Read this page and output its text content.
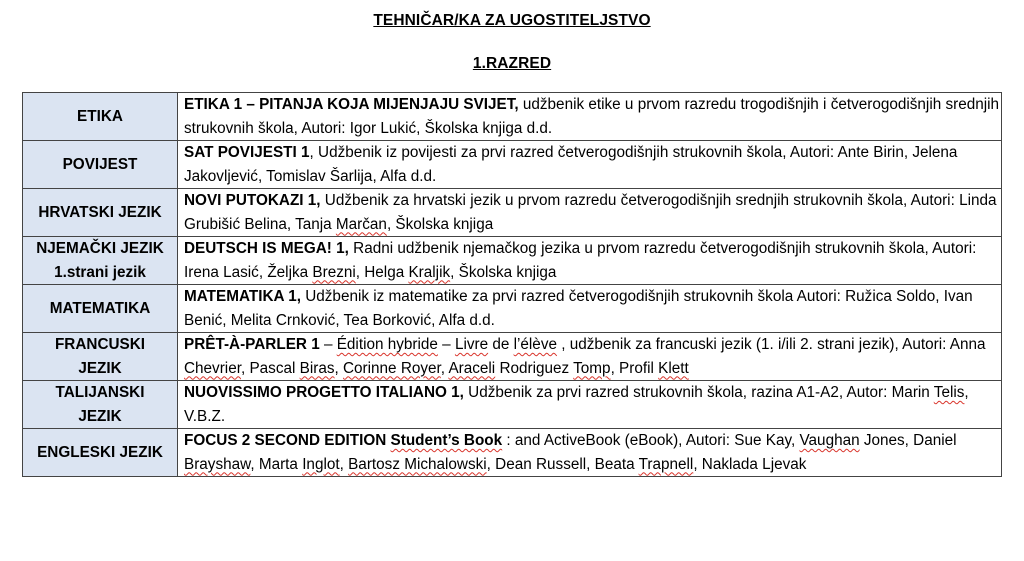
TEHNIČAR/KA ZA UGOSTITELJSTVO
1.RAZRED
ETIKA	ETIKA 1 – PITANJA KOJA MIJENJAJU SVIJET, udžbenik etike u prvom razredu trogodišnjih i četverogodišnjih srednjih strukovnih škola, Autori: Igor Lukić, Školska knjiga d.d.

POVIJEST	SAT POVIJESTI 1, Udžbenik iz povijesti za prvi razred četverogodišnjih strukovnih škola, Autori: Ante Birin, Jelena Jakovljević, Tomislav Šarlija, Alfa d.d.

HRVATSKI JEZIK	NOVI PUTOKAZI 1, Udžbenik za hrvatski jezik u prvom razredu četverogodišnjih srednjih strukovnih škola, Autori: Linda Grubišić Belina, Tanja Marčan, Školska knjiga

NJEMAČKI JEZIK
1.strani jezik	DEUTSCH IS MEGA! 1, Radni udžbenik njemačkog jezika u prvom razredu četverogodišnjih strukovnih škola, Autori: Irena Lasić, Željka Brezni, Helga Kraljik, Školska knjiga

MATEMATIKA	MATEMATIKA 1, Udžbenik iz matematike za prvi razred četverogodišnjih strukovnih škola Autori: Ružica Soldo, Ivan Benić, Melita Crnković, Tea Borković, Alfa d.d.

FRANCUSKI
JEZIK	PRÊT-À-PARLER 1 – Édition hybride – Livre de l’élève , udžbenik za francuski jezik (1. i/ili 2. strani jezik), Autori: Anna Chevrier, Pascal Biras, Corinne Royer, Araceli Rodriguez Tomp, Profil Klett

TALIJANSKI
JEZIK	NUOVISSIMO PROGETTO ITALIANO 1, Udžbenik za prvi razred strukovnih škola, razina A1-A2, Autor: Marin Telis, V.B.Z.

ENGLESKI JEZIK	FOCUS 2 SECOND EDITION Student’s Book : and ActiveBook (eBook), Autori: Sue Kay, Vaughan Jones, Daniel Brayshaw, Marta Inglot, Bartosz Michalowski, Dean Russell, Beata Trapnell, Naklada Ljevak
